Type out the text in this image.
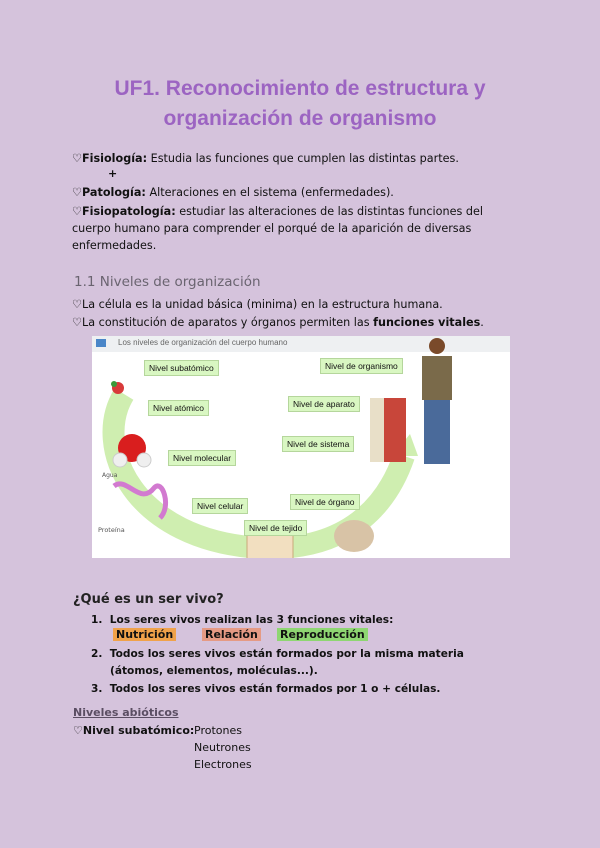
UF1. Reconocimiento de estructura y
organización de organismo
♡Fisiología: Estudia las funciones que cumplen las distintas partes.
+
♡Patología: Alteraciones en el sistema (enfermedades).
♡Fisiopatología: estudiar las alteraciones de las distintas funciones del
cuerpo humano para comprender el porqué de la aparición de diversas
enfermedades.
1.1 Niveles de organización
♡La célula es la unidad básica (minima) en la estructura humana.
♡La constitución de aparatos y órganos permiten las funciones vitales.
Los niveles de organización del cuerpo humano
Nivel subatómico
Nivel atómico
Nivel molecular
Nivel celular
Nivel de tejido
Nivel de órgano
Nivel de sistema
Nivel de aparato
Nivel de organismo
Agua
Proteína
¿Qué es un ser vivo?
1. Los seres vivos realizan las 3 funciones vitales:
Nutrición	Relación Reproducción
2. Todos los seres vivos están formados por la misma materia
(átomos, elementos, moléculas...).
3. Todos los seres vivos están formados por 1 o + células.
Niveles abióticos
♡Nivel subatómico: Protones
Neutrones
Electrones
